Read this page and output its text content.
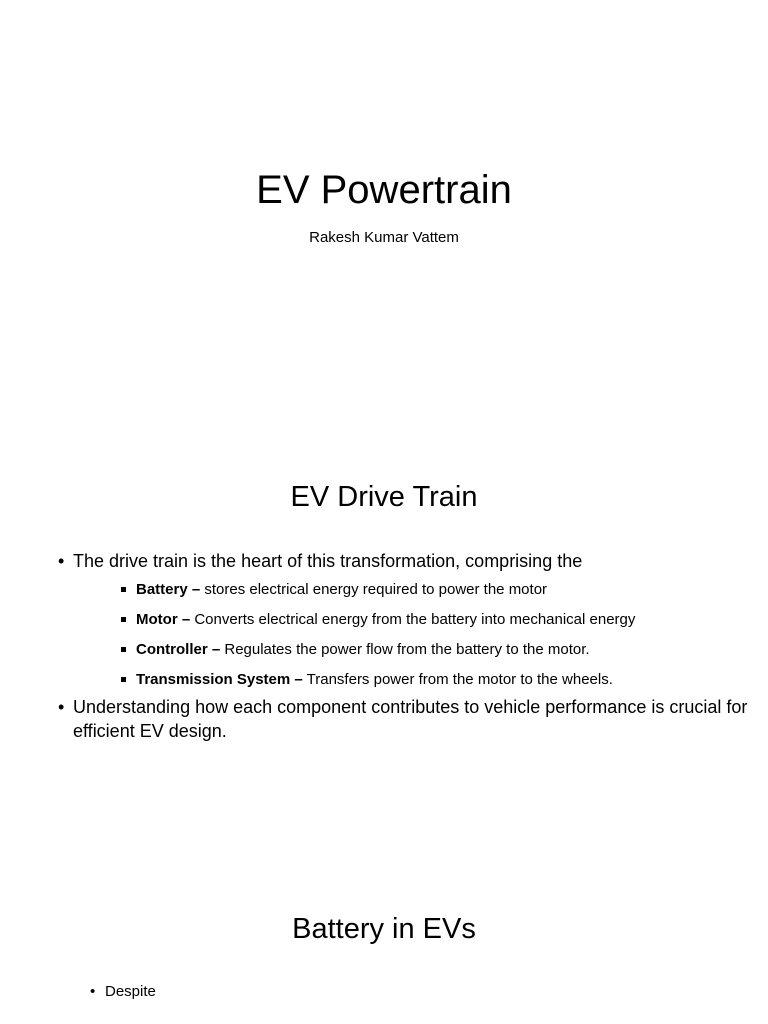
EV Powertrain
Rakesh Kumar Vattem
EV Drive Train
• The drive train is the heart of this transformation, comprising the
Battery – stores electrical energy required to power the motor
Motor – Converts electrical energy from the battery into mechanical energy
Controller – Regulates the power flow from the battery to the motor.
Transmission System – Transfers power from the motor to the wheels.
• Understanding how each component contributes to vehicle performance is crucial for efficient EV design.
Battery in EVs
• Despite
